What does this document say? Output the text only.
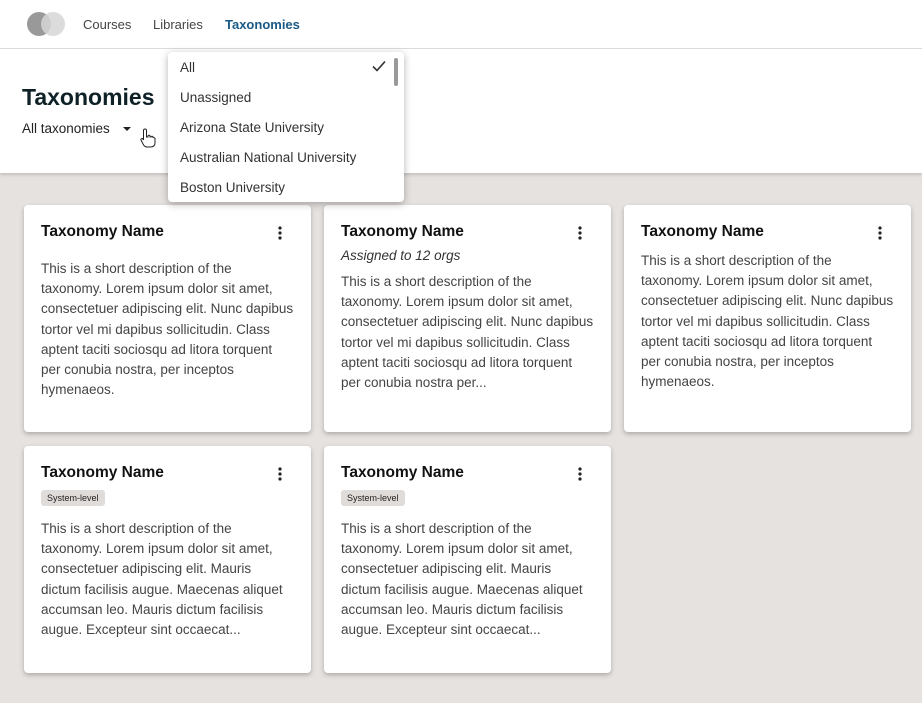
Courses Libraries Taxonomies
Taxonomies
All taxonomies
Taxonomy Name
This is a short description of the taxonomy. Lorem ipsum dolor sit amet, consectetuer adipiscing elit. Nunc dapibus tortor vel mi dapibus sollicitudin. Class aptent taciti sociosqu ad litora torquent per conubia nostra, per inceptos hymenaeos.
Taxonomy Name
Assigned to 12 orgs
This is a short description of the taxonomy. Lorem ipsum dolor sit amet, consectetuer adipiscing elit. Nunc dapibus tortor vel mi dapibus sollicitudin. Class aptent taciti sociosqu ad litora torquent per conubia nostra per...
Taxonomy Name
This is a short description of the taxonomy. Lorem ipsum dolor sit amet, consectetuer adipiscing elit. Nunc dapibus tortor vel mi dapibus sollicitudin. Class aptent taciti sociosqu ad litora torquent per conubia nostra, per inceptos hymenaeos.
Taxonomy Name
System-level
This is a short description of the taxonomy. Lorem ipsum dolor sit amet, consectetuer adipiscing elit. Mauris dictum facilisis augue. Maecenas aliquet accumsan leo. Mauris dictum facilisis augue. Excepteur sint occaecat...
Taxonomy Name
System-level
This is a short description of the taxonomy. Lorem ipsum dolor sit amet, consectetuer adipiscing elit. Mauris dictum facilisis augue. Maecenas aliquet accumsan leo. Mauris dictum facilisis augue. Excepteur sint occaecat...
All
Unassigned
Arizona State University
Australian National University
Boston University
